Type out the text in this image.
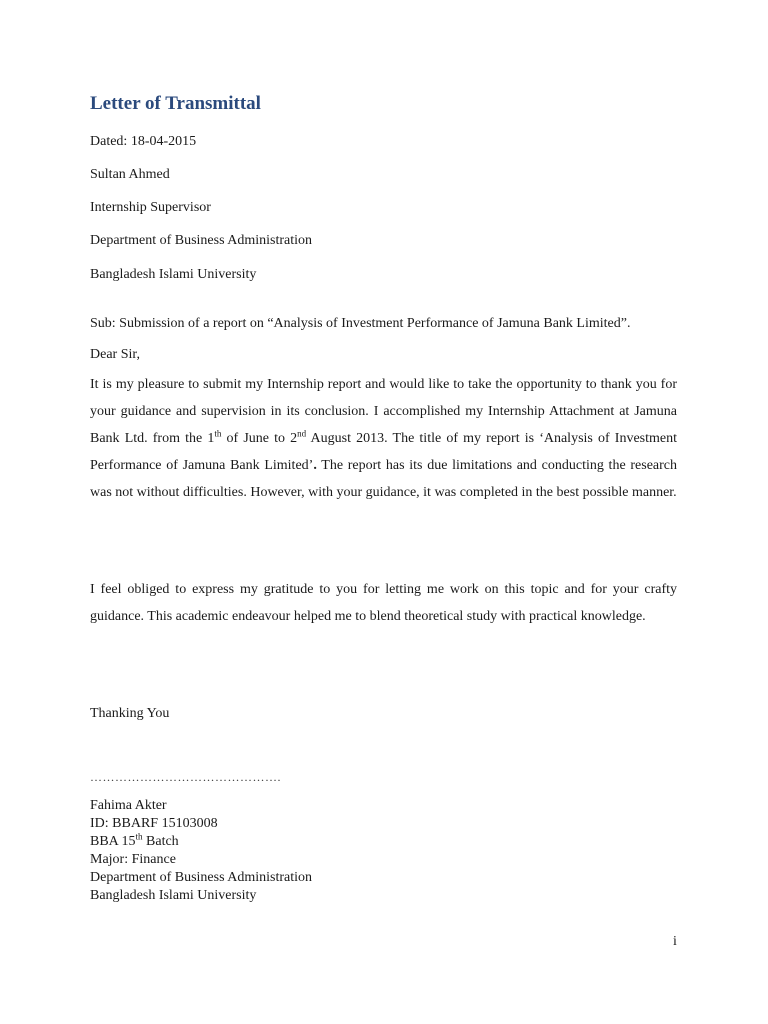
Letter of Transmittal

Dated: 18-04-2015

Sultan Ahmed

Internship Supervisor

Department of Business Administration

Bangladesh Islami University

Sub: Submission of a report on “Analysis of Investment Performance of Jamuna Bank Limited”.

Dear Sir,

It is my pleasure to submit my Internship report and would like to take the opportunity to thank you for your guidance and supervision in its conclusion. I accomplished my Internship Attachment at Jamuna Bank Ltd. from the 1th of June to 2nd August 2013. The title of my report is ‘Analysis of Investment Performance of Jamuna Bank Limited’. The report has its due limitations and conducting the research was not without difficulties. However, with your guidance, it was completed in the best possible manner.

I feel obliged to express my gratitude to you for letting me work on this topic and for your crafty guidance. This academic endeavour helped me to blend theoretical study with practical knowledge.

Thanking You

……………………………………….

Fahima Akter
ID: BBARF 15103008
BBA 15th Batch
Major: Finance
Department of Business Administration
Bangladesh Islami University

i
